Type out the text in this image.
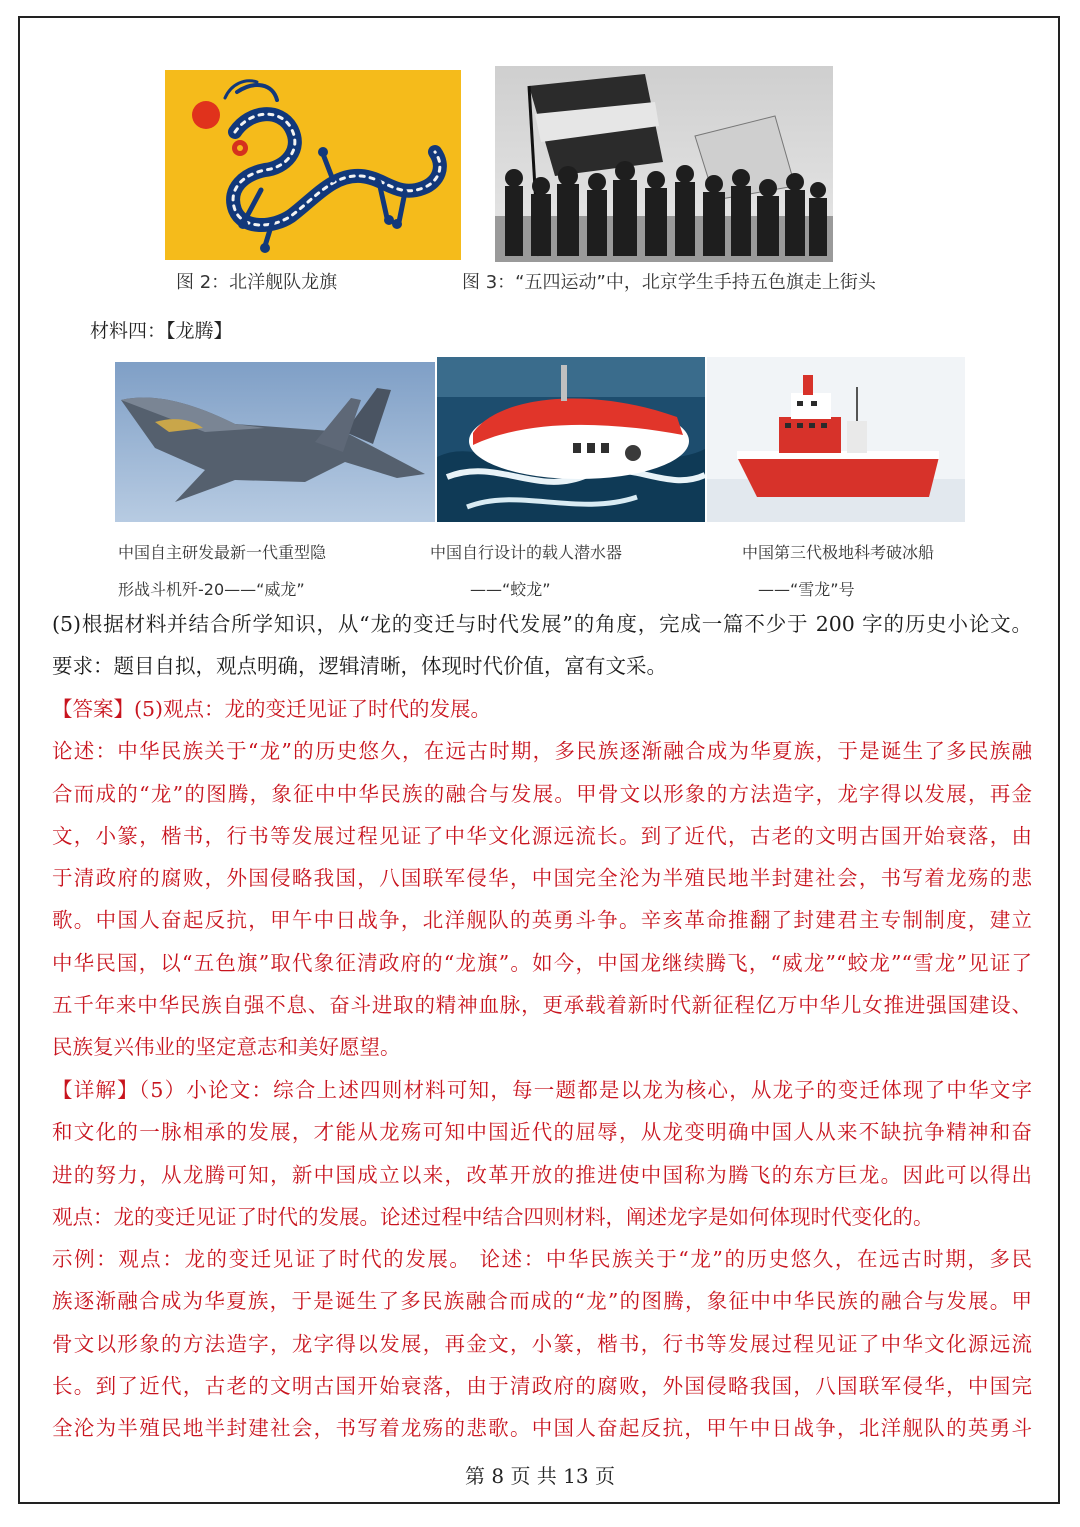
图 2：北洋舰队龙旗	图 3：“五四运动”中，北京学生手持五色旗走上街头
材料四：【龙腾】
中国自主研发最新一代重型隐
形战斗机歼-20——“威龙”
中国自行设计的载人潜水器
——“蛟龙”
中国第三代极地科考破冰船
——“雪龙”号
(5)根据材料并结合所学知识，从“龙的变迁与时代发展”的角度，完成一篇不少于 200 字的历史小论文。
要求：题目自拟，观点明确，逻辑清晰，体现时代价值，富有文采。
【答案】(5)观点：龙的变迁见证了时代的发展。
论述：中华民族关于“龙”的历史悠久，在远古时期，多民族逐渐融合成为华夏族，于是诞生了多民族融
合而成的“龙”的图腾，象征中中华民族的融合与发展。甲骨文以形象的方法造字，龙字得以发展，再金
文，小篆，楷书，行书等发展过程见证了中华文化源远流长。到了近代，古老的文明古国开始衰落，由
于清政府的腐败，外国侵略我国，八国联军侵华，中国完全沦为半殖民地半封建社会，书写着龙殇的悲
歌。中国人奋起反抗，甲午中日战争，北洋舰队的英勇斗争。辛亥革命推翻了封建君主专制制度，建立
中华民国，以“五色旗”取代象征清政府的“龙旗”。如今，中国龙继续腾飞，“威龙”“蛟龙”“雪龙”见证了
五千年来中华民族自强不息、奋斗进取的精神血脉，更承载着新时代新征程亿万中华儿女推进强国建设、
民族复兴伟业的坚定意志和美好愿望。
【详解】（5）小论文：综合上述四则材料可知，每一题都是以龙为核心，从龙子的变迁体现了中华文字
和文化的一脉相承的发展，才能从龙殇可知中国近代的屈辱，从龙变明确中国人从来不缺抗争精神和奋
进的努力，从龙腾可知，新中国成立以来，改革开放的推进使中国称为腾飞的东方巨龙。因此可以得出
观点：龙的变迁见证了时代的发展。论述过程中结合四则材料，阐述龙字是如何体现时代变化的。
示例：观点：龙的变迁见证了时代的发展。 论述：中华民族关于“龙”的历史悠久，在远古时期，多民
族逐渐融合成为华夏族，于是诞生了多民族融合而成的“龙”的图腾，象征中中华民族的融合与发展。甲
骨文以形象的方法造字，龙字得以发展，再金文，小篆，楷书，行书等发展过程见证了中华文化源远流
长。到了近代，古老的文明古国开始衰落，由于清政府的腐败，外国侵略我国，八国联军侵华，中国完
全沦为半殖民地半封建社会，书写着龙殇的悲歌。中国人奋起反抗，甲午中日战争，北洋舰队的英勇斗
第 8 页 共 13 页
